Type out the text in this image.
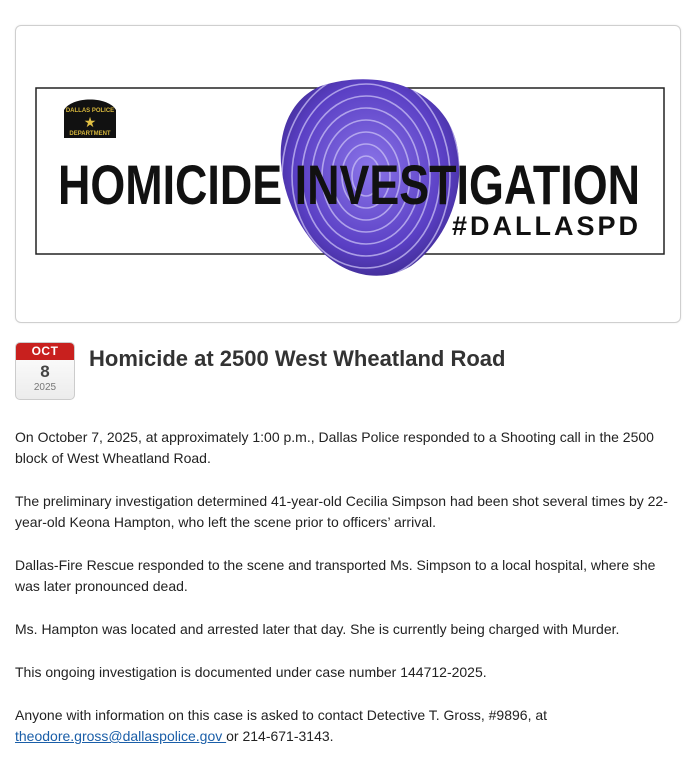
DALLAS POLICE
★
DEPARTMENT
HOMICIDE INVESTIGATION
#DALLASPD
OCT
8
2025
Homicide at 2500 West Wheatland Road

On October 7, 2025, at approximately 1:00 p.m., Dallas Police responded to a Shooting call in the 2500 block of West Wheatland Road.

The preliminary investigation determined 41-year-old Cecilia Simpson had been shot several times by 22-year-old Keona Hampton, who left the scene prior to officers’ arrival.

Dallas-Fire Rescue responded to the scene and transported Ms. Simpson to a local hospital, where she was later pronounced dead.

Ms. Hampton was located and arrested later that day. She is currently being charged with Murder.

This ongoing investigation is documented under case number 144712-2025.

Anyone with information on this case is asked to contact Detective T. Gross, #9896, at theodore.gross@dallaspolice.gov or 214-671-3143.
